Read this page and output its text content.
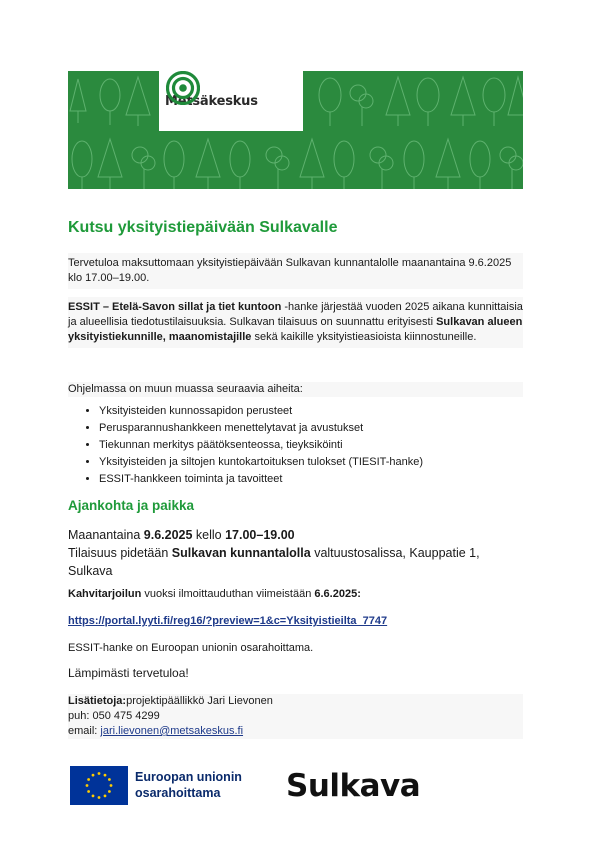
Metsäkeskus
Kutsu yksityistiepäivään Sulkavalle

Tervetuloa maksuttomaan yksityistiepäivään Sulkavan kunnantalolle maanantaina 9.6.2025 klo 17.00–19.00.

ESSIT – Etelä-Savon sillat ja tiet kuntoon -hanke järjestää vuoden 2025 aikana kunnittaisia ja alueellisia tiedotustilaisuuksia. Sulkavan tilaisuus on suunnattu erityisesti Sulkavan alueen yksityistiekunnille, maanomistajille sekä kaikille yksityistieasioista kiinnostuneille.

Ohjelmassa on muun muassa seuraavia aiheita:

• Yksityisteiden kunnossapidon perusteet
• Perusparannushankkeen menettelytavat ja avustukset
• Tiekunnan merkitys päätöksenteossa, tieyksiköinti
• Yksityisteiden ja siltojen kuntokartoituksen tulokset (TIESIT-hanke)
• ESSIT-hankkeen toiminta ja tavoitteet
Ajankohta ja paikka
Maanantaina 9.6.2025 kello 17.00–19.00
Tilaisuus pidetään Sulkavan kunnantalolla valtuustosalissa, Kauppatie 1, Sulkava
Kahvitarjoilun vuoksi ilmoittauduthan viimeistään 6.6.2025:
https://portal.lyyti.fi/reg16/?preview=1&c=Yksityistieilta_7747
ESSIT-hanke on Euroopan unionin osarahoittama.
Lämpimästi tervetuloa!
Lisätietoja:projektipäällikkö Jari Lievonen
puh: 050 475 4299
email: jari.lievonen@metsakeskus.fi
Euroopan unionin
osarahoittama	Sulkava
